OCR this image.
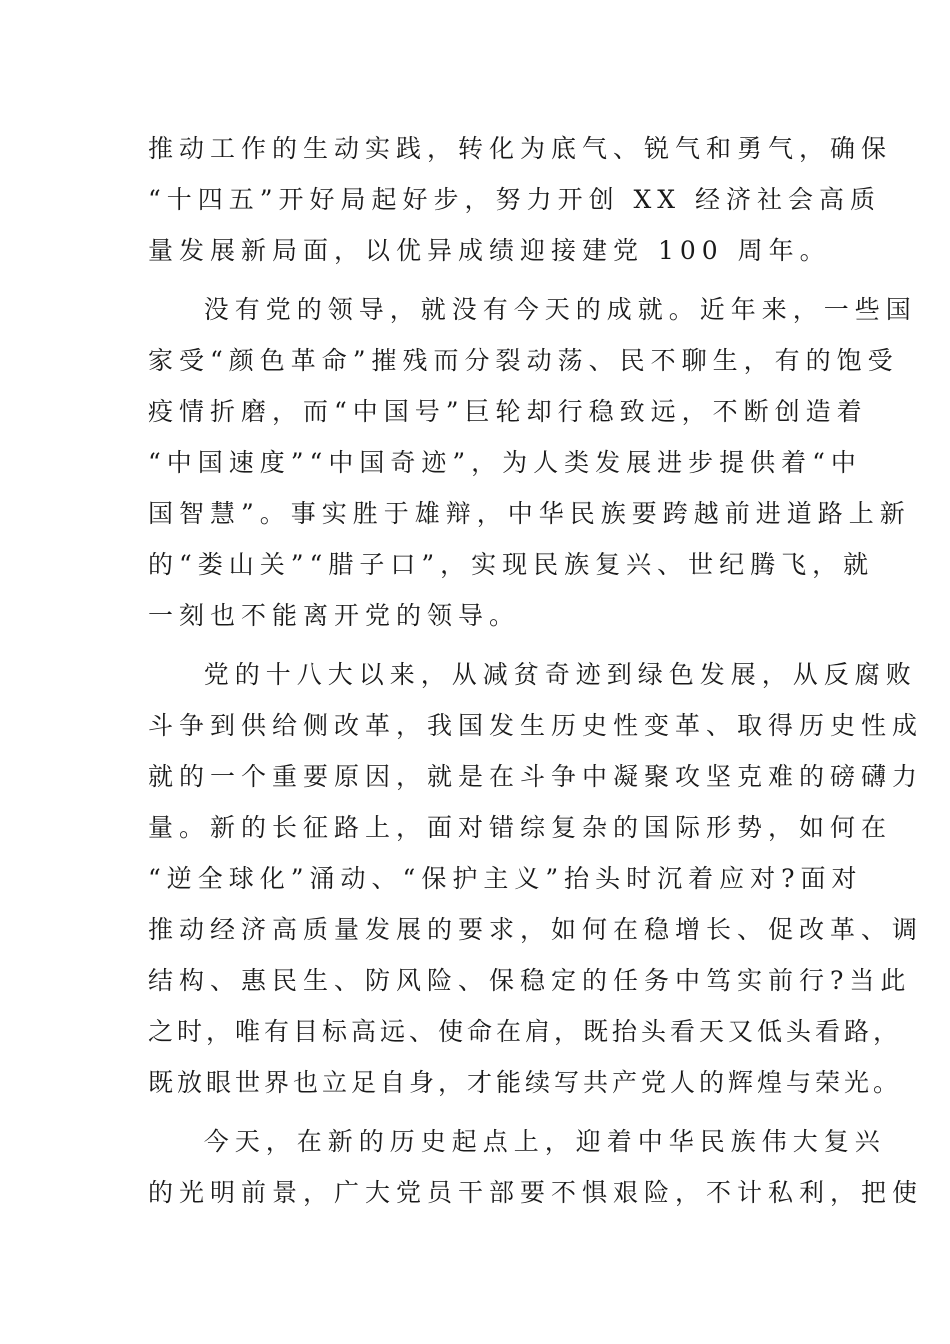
推动工作的生动实践，转化为底气、锐气和勇气，确保
“十四五”开好局起好步，努力开创 XX 经济社会高质
量发展新局面，以优异成绩迎接建党 100 周年。
没有党的领导，就没有今天的成就。近年来，一些国
家受“颜色革命”摧残而分裂动荡、民不聊生，有的饱受
疫情折磨，而“中国号”巨轮却行稳致远，不断创造着
“中国速度”“中国奇迹”，为人类发展进步提供着“中
国智慧”。事实胜于雄辩，中华民族要跨越前进道路上新
的“娄山关”“腊子口”，实现民族复兴、世纪腾飞，就
一刻也不能离开党的领导。
党的十八大以来，从减贫奇迹到绿色发展，从反腐败
斗争到供给侧改革，我国发生历史性变革、取得历史性成
就的一个重要原因，就是在斗争中凝聚攻坚克难的磅礴力
量。新的长征路上，面对错综复杂的国际形势，如何在
“逆全球化”涌动、“保护主义”抬头时沉着应对?面对
推动经济高质量发展的要求，如何在稳增长、促改革、调
结构、惠民生、防风险、保稳定的任务中笃实前行?当此
之时，唯有目标高远、使命在肩，既抬头看天又低头看路，
既放眼世界也立足自身，才能续写共产党人的辉煌与荣光。
今天，在新的历史起点上，迎着中华民族伟大复兴
的光明前景，广大党员干部要不惧艰险，不计私利，把使
